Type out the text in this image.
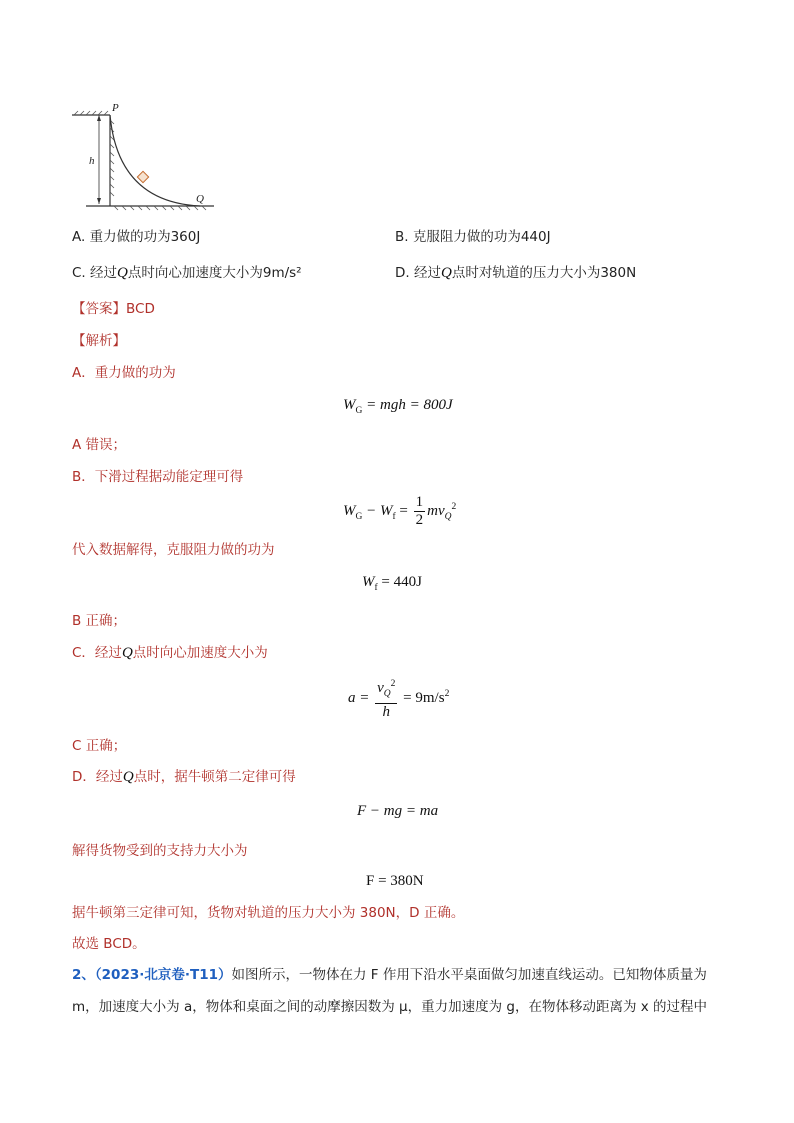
P
h
Q
A. 重力做的功为360J	B. 克服阻力做的功为440J
C. 经过Q点时向心加速度大小为9m/s²	D. 经过Q点时对轨道的压力大小为380N
【答案】BCD
【解析】
A．重力做的功为
$W_G$ = mgh = 800J
A 错误；
B．下滑过程据动能定理可得
$W_G - W_f = \frac{1}{2} mv_Q^2$
代入数据解得，克服阻力做的功为
$W_f = 440J$
B 正确；
C．经过Q点时向心加速度大小为
$a = \frac{v_Q^2}{h} = 9m/s^2$
C 正确；
D．经过Q点时，据牛顿第二定律可得
F − mg = ma
解得货物受到的支持力大小为
F = 380N
据牛顿第三定律可知，货物对轨道的压力大小为 380N，D 正确。
故选 BCD。
2、（2023·北京卷·T11）如图所示，一物体在力 F 作用下沿水平桌面做匀加速直线运动。已知物体质量为
m，加速度大小为 a，物体和桌面之间的动摩擦因数为 μ，重力加速度为 g，在物体移动距离为 x 的过程中
